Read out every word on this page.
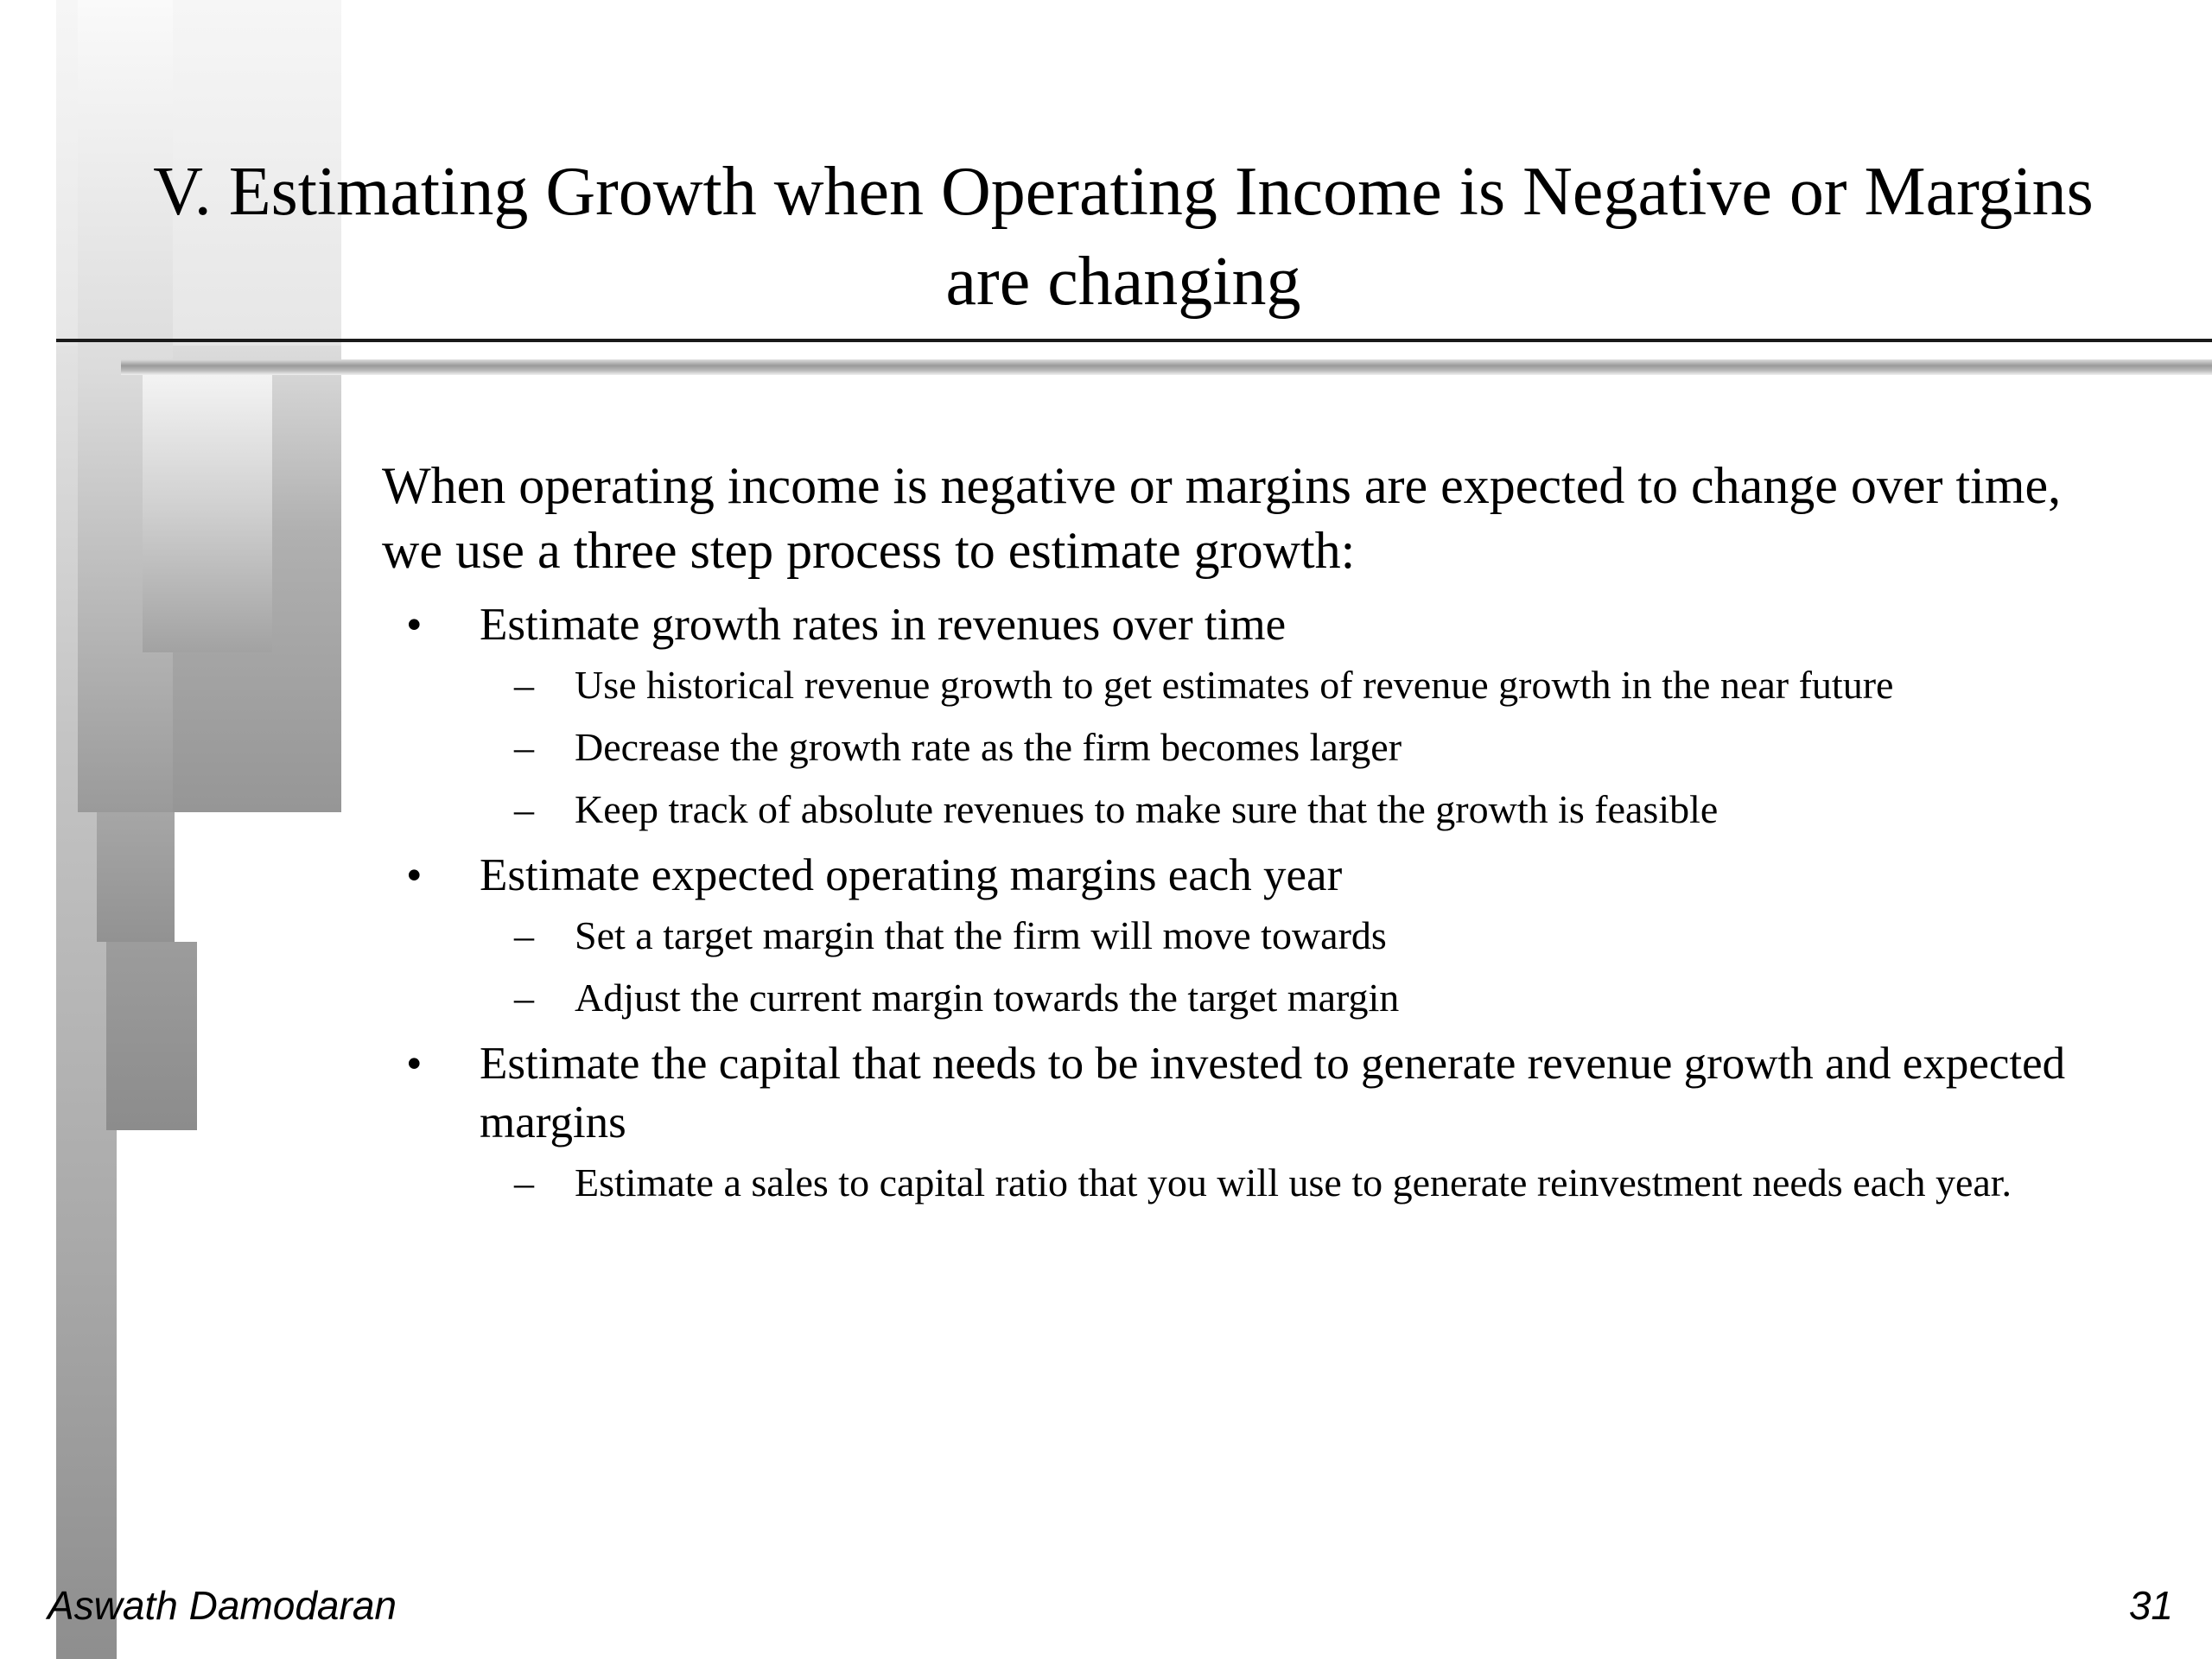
V. Estimating Growth when Operating Income is Negative or Margins are changing

When operating income is negative or margins are expected to change over time, we use a three step process to estimate growth:

• Estimate growth rates in revenues over time
– Use historical revenue growth to get estimates of revenue growth in the near future
– Decrease the growth rate as the firm becomes larger
– Keep track of absolute revenues to make sure that the growth is feasible
• Estimate expected operating margins each year
– Set a target margin that the firm will move towards
– Adjust the current margin towards the target margin
• Estimate the capital that needs to be invested to generate revenue growth and expected margins
– Estimate a sales to capital ratio that you will use to generate reinvestment needs each year.
Aswath Damodaran	31
